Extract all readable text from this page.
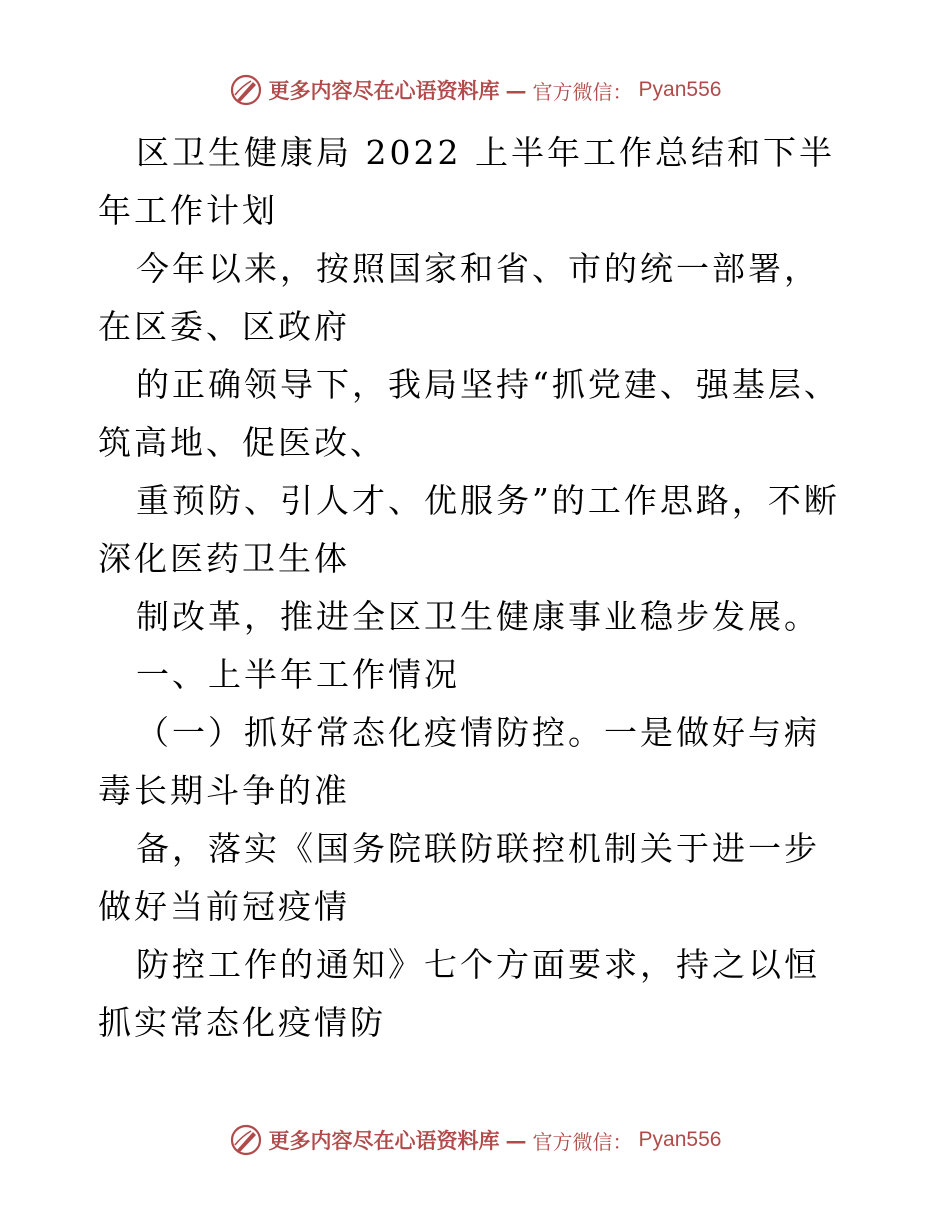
更多内容尽在心语资料库 — 官方微信： Pyan556

区卫生健康局 2022 上半年工作总结和下半年工作计划

今年以来，按照国家和省、市的统一部署，在区委、区政府

的正确领导下，我局坚持“抓党建、强基层、筑高地、促医改、

重预防、引人才、优服务”的工作思路，不断深化医药卫生体

制改革，推进全区卫生健康事业稳步发展。

一、上半年工作情况

（一）抓好常态化疫情防控。一是做好与病毒长期斗争的准

备，落实《国务院联防联控机制关于进一步做好当前冠疫情

防控工作的通知》七个方面要求，持之以恒抓实常态化疫情防

更多内容尽在心语资料库 — 官方微信： Pyan556
